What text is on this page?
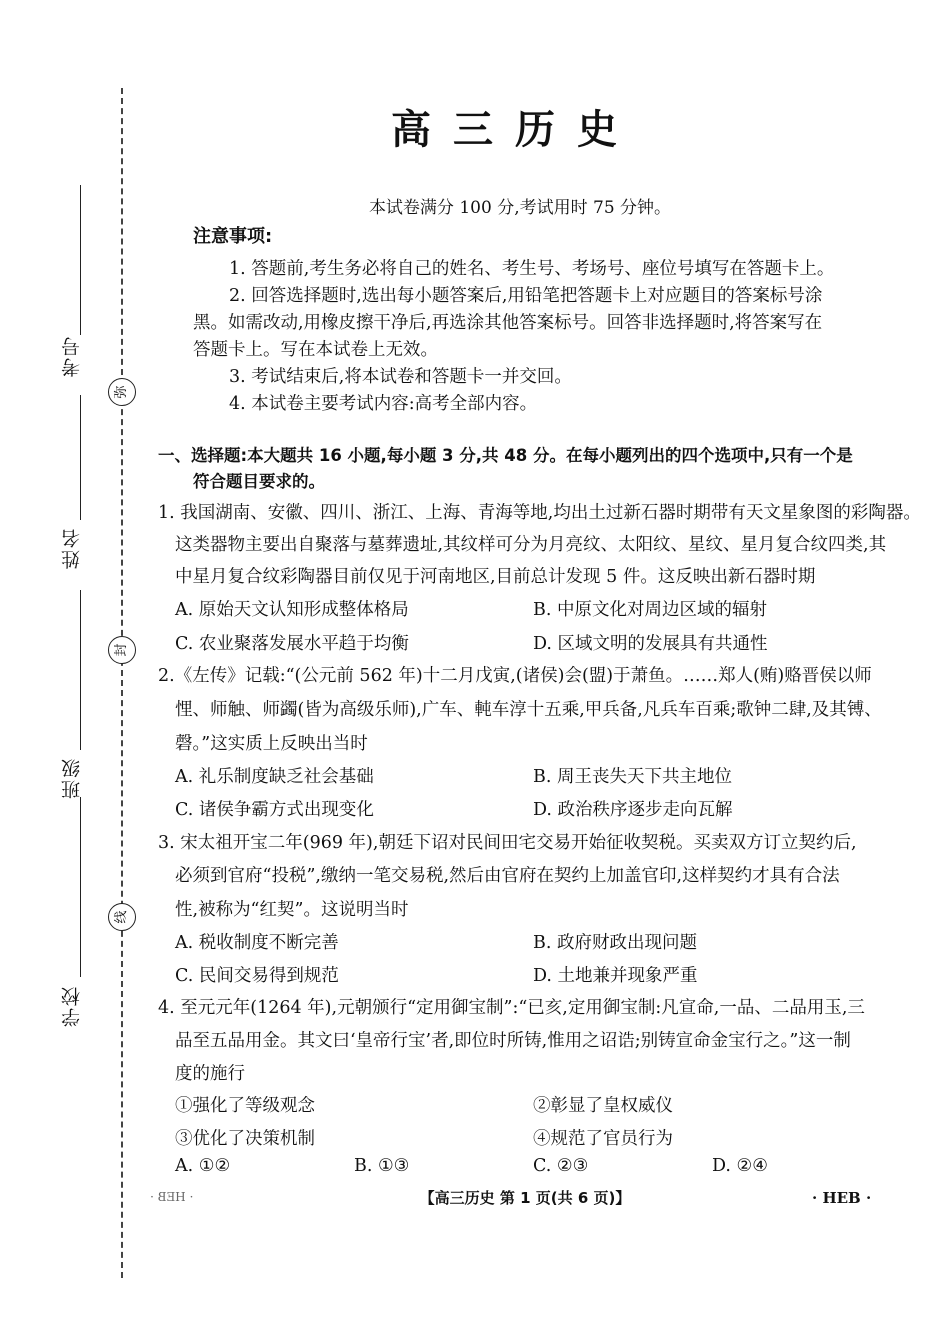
考号
姓名
班级
学校
弥
封
线
高三历史
本试卷满分 100 分,考试用时 75 分钟。
注意事项:
1. 答题前,考生务必将自己的姓名、考生号、考场号、座位号填写在答题卡上。
2. 回答选择题时,选出每小题答案后,用铅笔把答题卡上对应题目的答案标号涂
黑。如需改动,用橡皮擦干净后,再选涂其他答案标号。回答非选择题时,将答案写在
答题卡上。写在本试卷上无效。
3. 考试结束后,将本试卷和答题卡一并交回。
4. 本试卷主要考试内容:高考全部内容。
一、选择题:本大题共 16 小题,每小题 3 分,共 48 分。在每小题列出的四个选项中,只有一个是
符合题目要求的。
1. 我国湖南、安徽、四川、浙江、上海、青海等地,均出土过新石器时期带有天文星象图的彩陶器。
这类器物主要出自聚落与墓葬遗址,其纹样可分为月亮纹、太阳纹、星纹、星月复合纹四类,其
中星月复合纹彩陶器目前仅见于河南地区,目前总计发现 5 件。这反映出新石器时期
A. 原始天文认知形成整体格局	B. 中原文化对周边区域的辐射
C. 农业聚落发展水平趋于均衡	D. 区域文明的发展具有共通性
2.《左传》记载:“(公元前 562 年)十二月戊寅,(诸侯)会(盟)于萧鱼。……郑人(贿)赂晋侯以师
悝、师触、师蠲(皆为高级乐师),广车、軘车淳十五乘,甲兵备,凡兵车百乘;歌钟二肆,及其镈、
磬。”这实质上反映出当时
A. 礼乐制度缺乏社会基础	B. 周王丧失天下共主地位
C. 诸侯争霸方式出现变化	D. 政治秩序逐步走向瓦解
3. 宋太祖开宝二年(969 年),朝廷下诏对民间田宅交易开始征收契税。买卖双方订立契约后,
必须到官府“投税”,缴纳一笔交易税,然后由官府在契约上加盖官印,这样契约才具有合法
性,被称为“红契”。这说明当时
A. 税收制度不断完善	B. 政府财政出现问题
C. 民间交易得到规范	D. 土地兼并现象严重
4. 至元元年(1264 年),元朝颁行“定用御宝制”:“已亥,定用御宝制:凡宣命,一品、二品用玉,三
品至五品用金。其文曰‘皇帝行宝’者,即位时所铸,惟用之诏诰;别铸宣命金宝行之。”这一制
度的施行
①强化了等级观念	②彰显了皇权威仪
③优化了决策机制	④规范了官员行为
A. ①②	B. ①③	C. ②③	D. ②④
· HEB ·	【高三历史 第 1 页(共 6 页)】	· HEB ·
